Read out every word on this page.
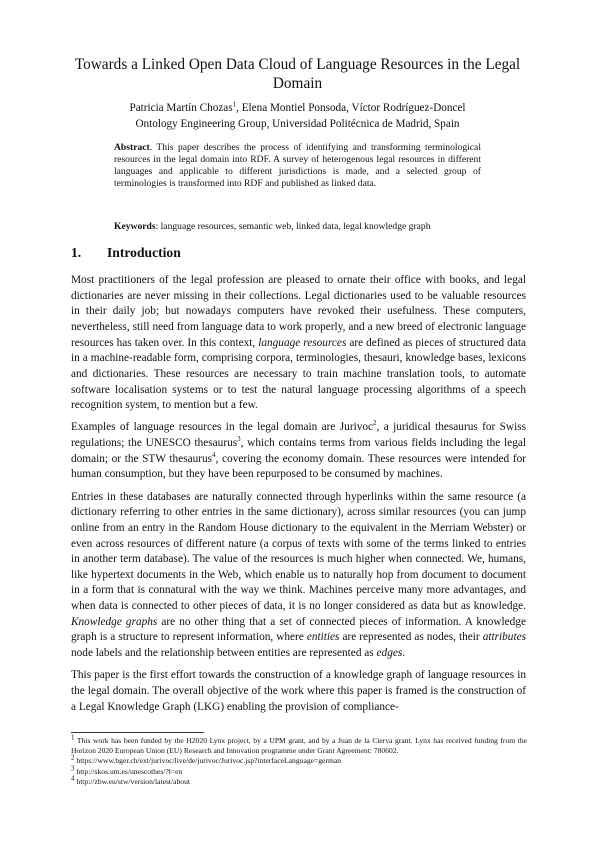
Towards a Linked Open Data Cloud of Language Resources in the Legal Domain
Patricia Martín Chozas$^1$, Elena Montiel Ponsoda, Víctor Rodríguez-Doncel
Ontology Engineering Group, Universidad Politécnica de Madrid, Spain
Abstract. This paper describes the process of identifying and transforming terminological resources in the legal domain into RDF. A survey of heterogenous legal resources in different languages and applicable to different jurisdictions is made, and a selected group of terminologies is transformed into RDF and published as linked data.
Keywords: language resources, semantic web, linked data, legal knowledge graph
1. Introduction

Most practitioners of the legal profession are pleased to ornate their office with books, and legal dictionaries are never missing in their collections. Legal dictionaries used to be valuable resources in their daily job; but nowadays computers have revoked their usefulness. These computers, nevertheless, still need from language data to work properly, and a new breed of electronic language resources has taken over. In this context, language resources are defined as pieces of structured data in a machine-readable form, comprising corpora, terminologies, thesauri, knowledge bases, lexicons and dictionaries. These resources are necessary to train machine translation tools, to automate software localisation systems or to test the natural language processing algorithms of a speech recognition system, to mention but a few.

Examples of language resources in the legal domain are Jurivoc$^2$, a juridical thesaurus for Swiss regulations; the UNESCO thesaurus$^3$, which contains terms from various fields including the legal domain; or the STW thesaurus$^4$, covering the economy domain. These resources were intended for human consumption, but they have been repurposed to be consumed by machines.

Entries in these databases are naturally connected through hyperlinks within the same resource (a dictionary referring to other entries in the same dictionary), across similar resources (you can jump online from an entry in the Random House dictionary to the equivalent in the Merriam Webster) or even across resources of different nature (a corpus of texts with some of the terms linked to entries in another term database). The value of the resources is much higher when connected. We, humans, like hypertext documents in the Web, which enable us to naturally hop from document to document in a form that is connatural with the way we think. Machines perceive many more advantages, and when data is connected to other pieces of data, it is no longer considered as data but as knowledge. Knowledge graphs are no other thing that a set of connected pieces of information. A knowledge graph is a structure to represent information, where entities are represented as nodes, their attributes node labels and the relationship between entities are represented as edges.

This paper is the first effort towards the construction of a knowledge graph of language resources in the legal domain. The overall objective of the work where this paper is framed is the construction of a Legal Knowledge Graph (LKG) enabling the provision of compliance-

$^1$ This work has been funded by the H2020 Lynx project, by a UPM grant, and by a Juan de la Cierva grant. Lynx has received funding from the Horizon 2020 European Union (EU) Research and Innovation programme under Grant Agreement: 780602.
$^2$ https://www.bger.ch/ext/jurivoc/live/de/jurivoc/Jurivoc.jsp?interfaceLanguage=german
$^3$ http://skos.um.es/unescothes/?l=en
$^4$ http://zbw.eu/stw/version/latest/about
